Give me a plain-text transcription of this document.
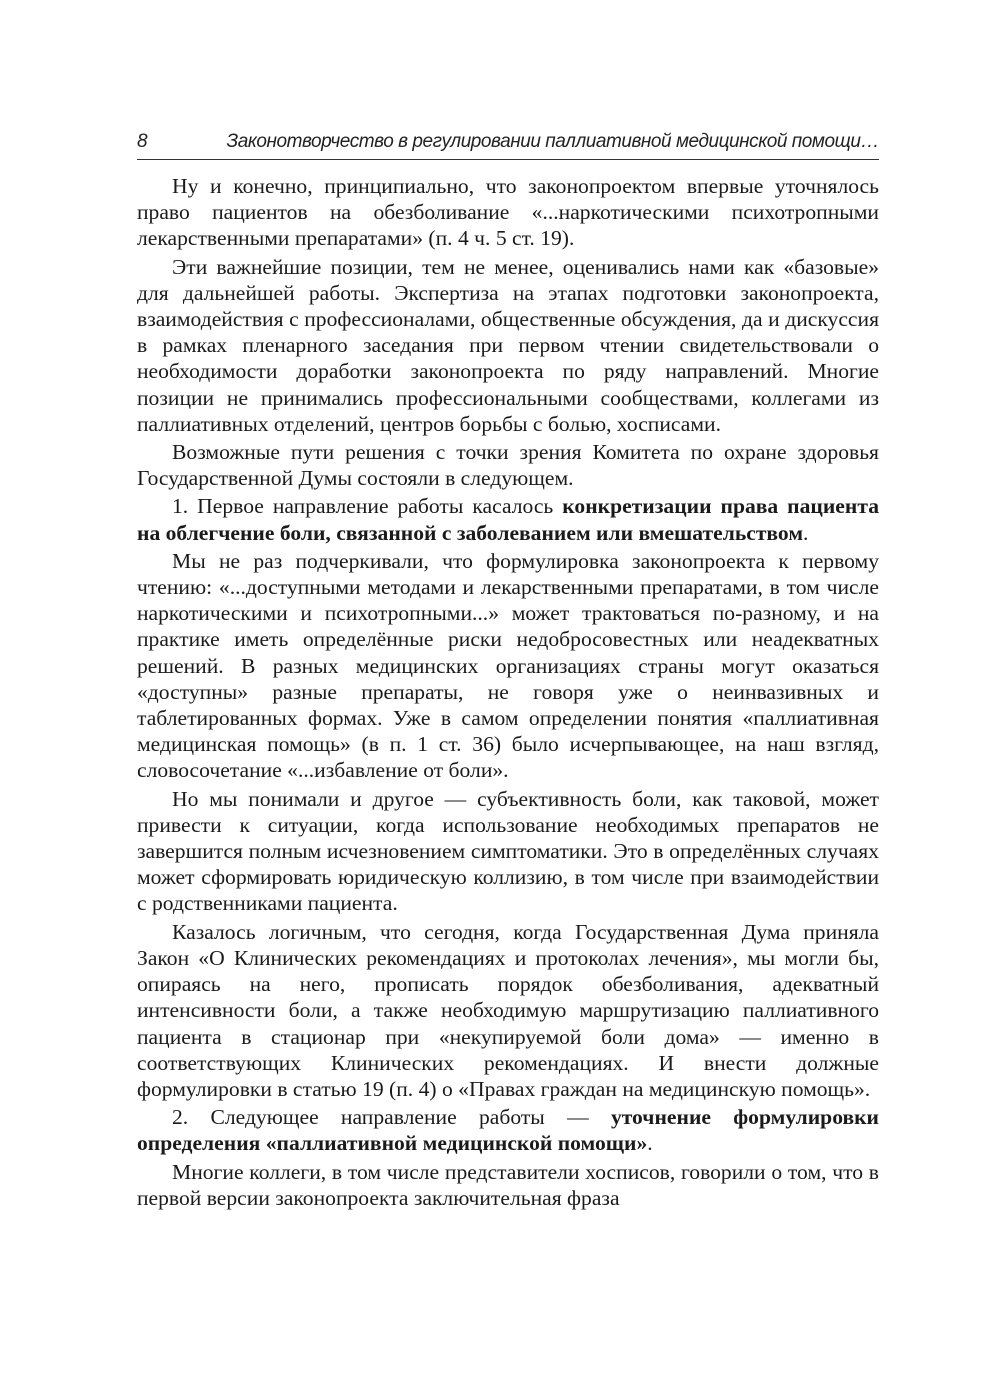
8	Законотворчество в регулировании паллиативной медицинской помощи…

Ну и конечно, принципиально, что законопроектом впервые уточнялось право пациентов на обезболивание «...наркотическими психотропными лекарственными препаратами» (п. 4 ч. 5 ст. 19).

Эти важнейшие позиции, тем не менее, оценивались нами как «базовые» для дальнейшей работы. Экспертиза на этапах подготовки законопроекта, взаимодействия с профессионалами, общественные обсуждения, да и дискуссия в рамках пленарного заседания при первом чтении свидетельствовали о необходимости доработки законопроекта по ряду направлений. Многие позиции не принимались профессиональными сообществами, коллегами из паллиативных отделений, центров борьбы с болью, хосписами.

Возможные пути решения с точки зрения Комитета по охране здоровья Государственной Думы состояли в следующем.

1. Первое направление работы касалось конкретизации права пациента на облегчение боли, связанной с заболеванием или вмешательством.

Мы не раз подчеркивали, что формулировка законопроекта к первому чтению: «...доступными методами и лекарственными препаратами, в том числе наркотическими и психотропными...» может трактоваться по-разному, и на практике иметь определённые риски недобросовестных или неадекватных решений. В разных медицинских организациях страны могут оказаться «доступны» разные препараты, не говоря уже о неинвазивных и таблетированных формах. Уже в самом определении понятия «паллиативная медицинская помощь» (в п. 1 ст. 36) было исчерпывающее, на наш взгляд, словосочетание «...избавление от боли».

Но мы понимали и другое — субъективность боли, как таковой, может привести к ситуации, когда использование необходимых препаратов не завершится полным исчезновением симптоматики. Это в определённых случаях может сформировать юридическую коллизию, в том числе при взаимодействии с родственниками пациента.

Казалось логичным, что сегодня, когда Государственная Дума приняла Закон «О Клинических рекомендациях и протоколах лечения», мы могли бы, опираясь на него, прописать порядок обезболивания, адекватный интенсивности боли, а также необходимую маршрутизацию паллиативного пациента в стационар при «некупируемой боли дома» — именно в соответствующих Клинических рекомендациях. И внести должные формулировки в статью 19 (п. 4) о «Правах граждан на медицинскую помощь».

2. Следующее направление работы — уточнение формулировки определения «паллиативной медицинской помощи».

Многие коллеги, в том числе представители хосписов, говорили о том, что в первой версии законопроекта заключительная фраза
